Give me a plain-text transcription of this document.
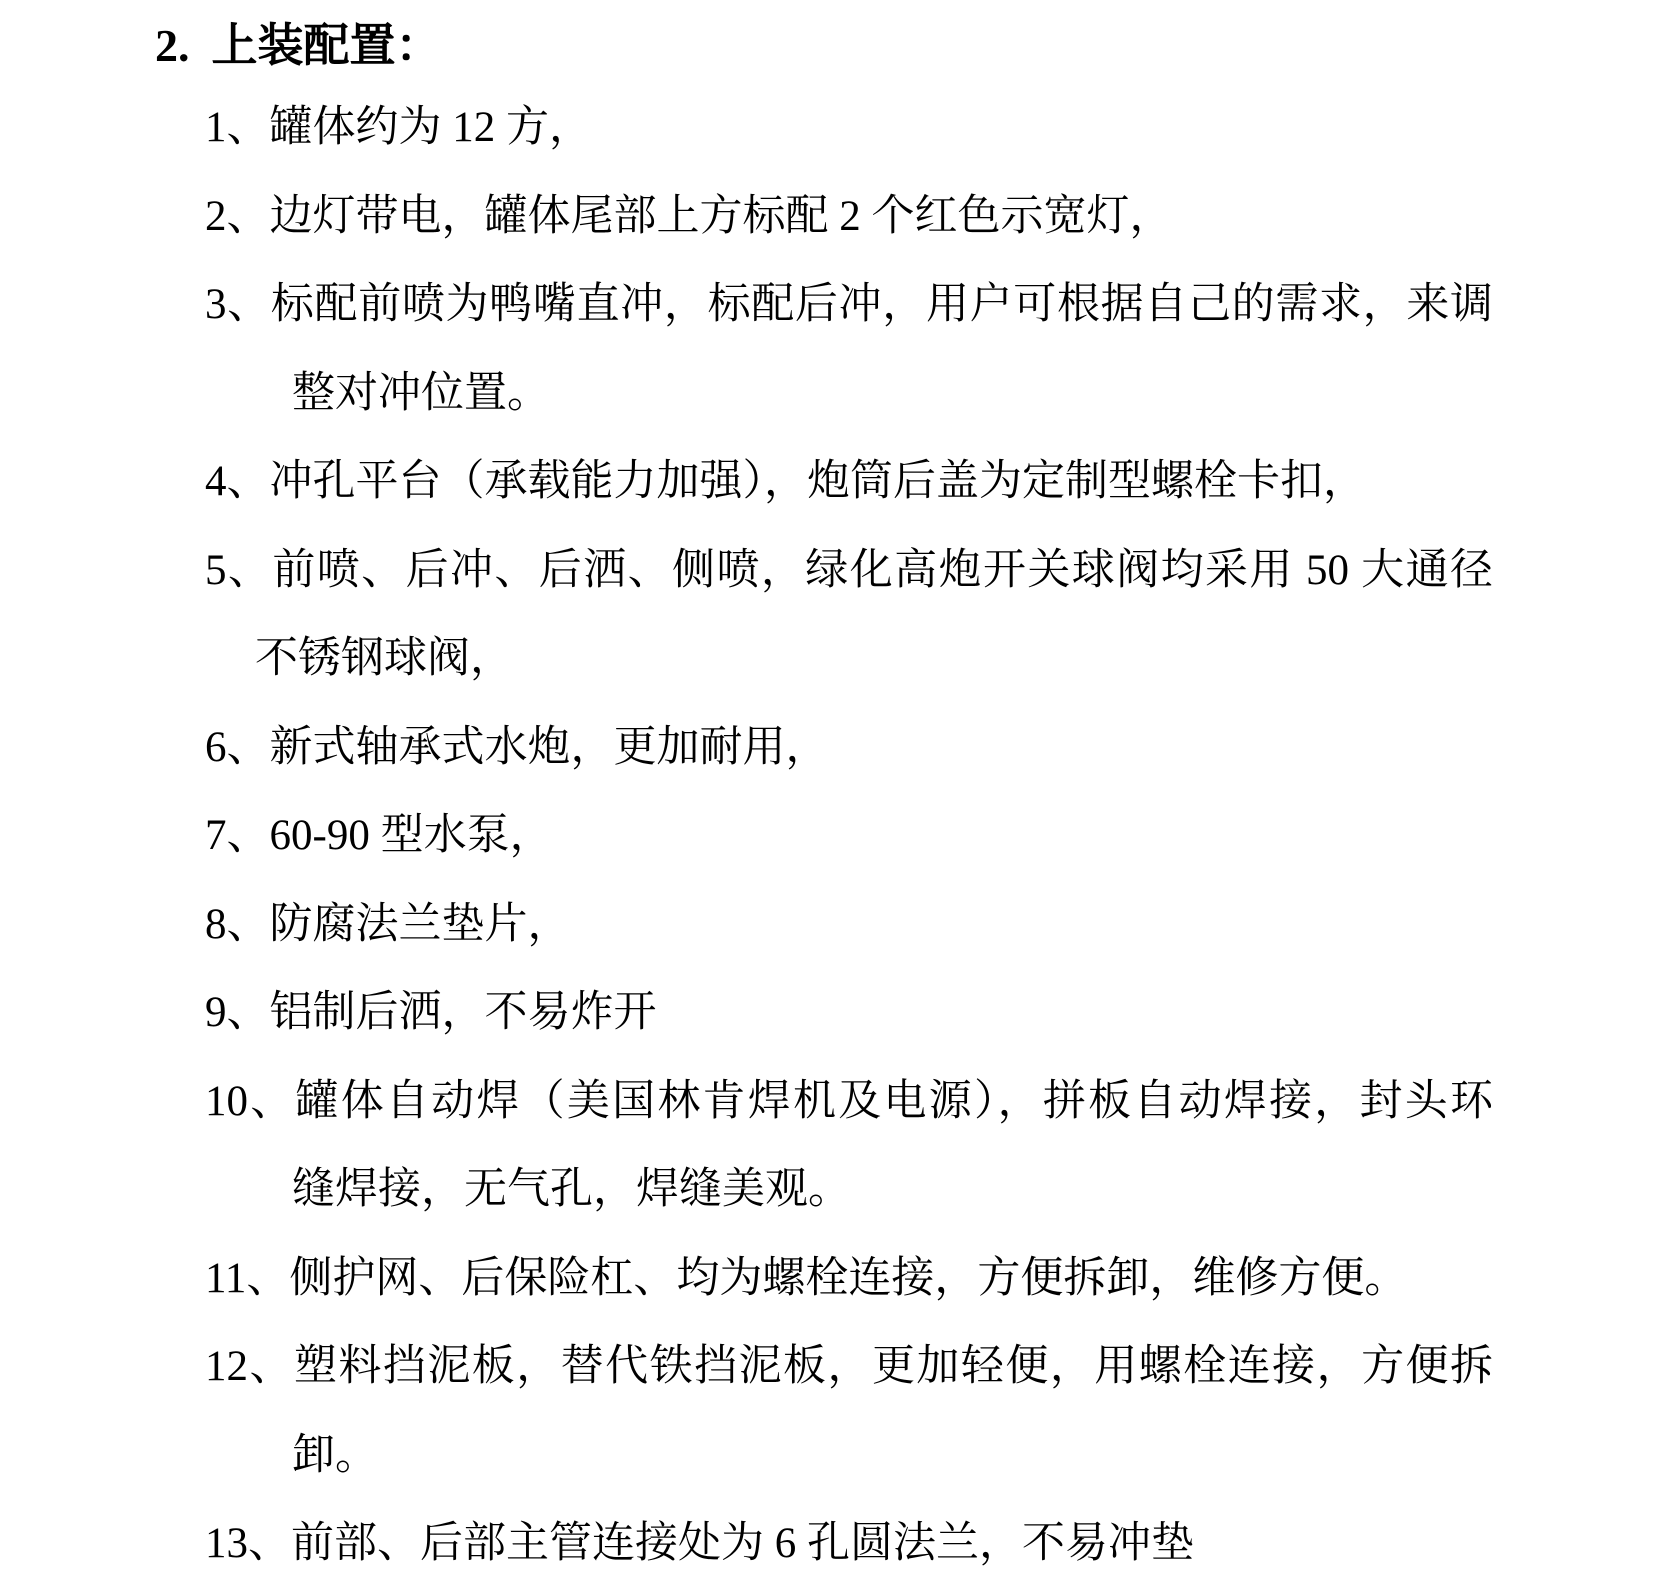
2. 上装配置：
1、罐体约为 12 方，
2、边灯带电，罐体尾部上方标配 2 个红色示宽灯，
3、标配前喷为鸭嘴直冲，标配后冲，用户可根据自己的需求，来调
整对冲位置。
4、冲孔平台（承载能力加强），炮筒后盖为定制型螺栓卡扣，
5、前喷、后冲、后洒、侧喷，绿化高炮开关球阀均采用 50 大通径
不锈钢球阀，
6、新式轴承式水炮，更加耐用，
7、60-90 型水泵，
8、防腐法兰垫片，
9、铝制后洒，不易炸开
10、罐体自动焊（美国林肯焊机及电源），拼板自动焊接，封头环
缝焊接，无气孔，焊缝美观。
11、侧护网、后保险杠、均为螺栓连接，方便拆卸，维修方便。
12、塑料挡泥板，替代铁挡泥板，更加轻便，用螺栓连接，方便拆
卸。
13、前部、后部主管连接处为 6 孔圆法兰，不易冲垫
